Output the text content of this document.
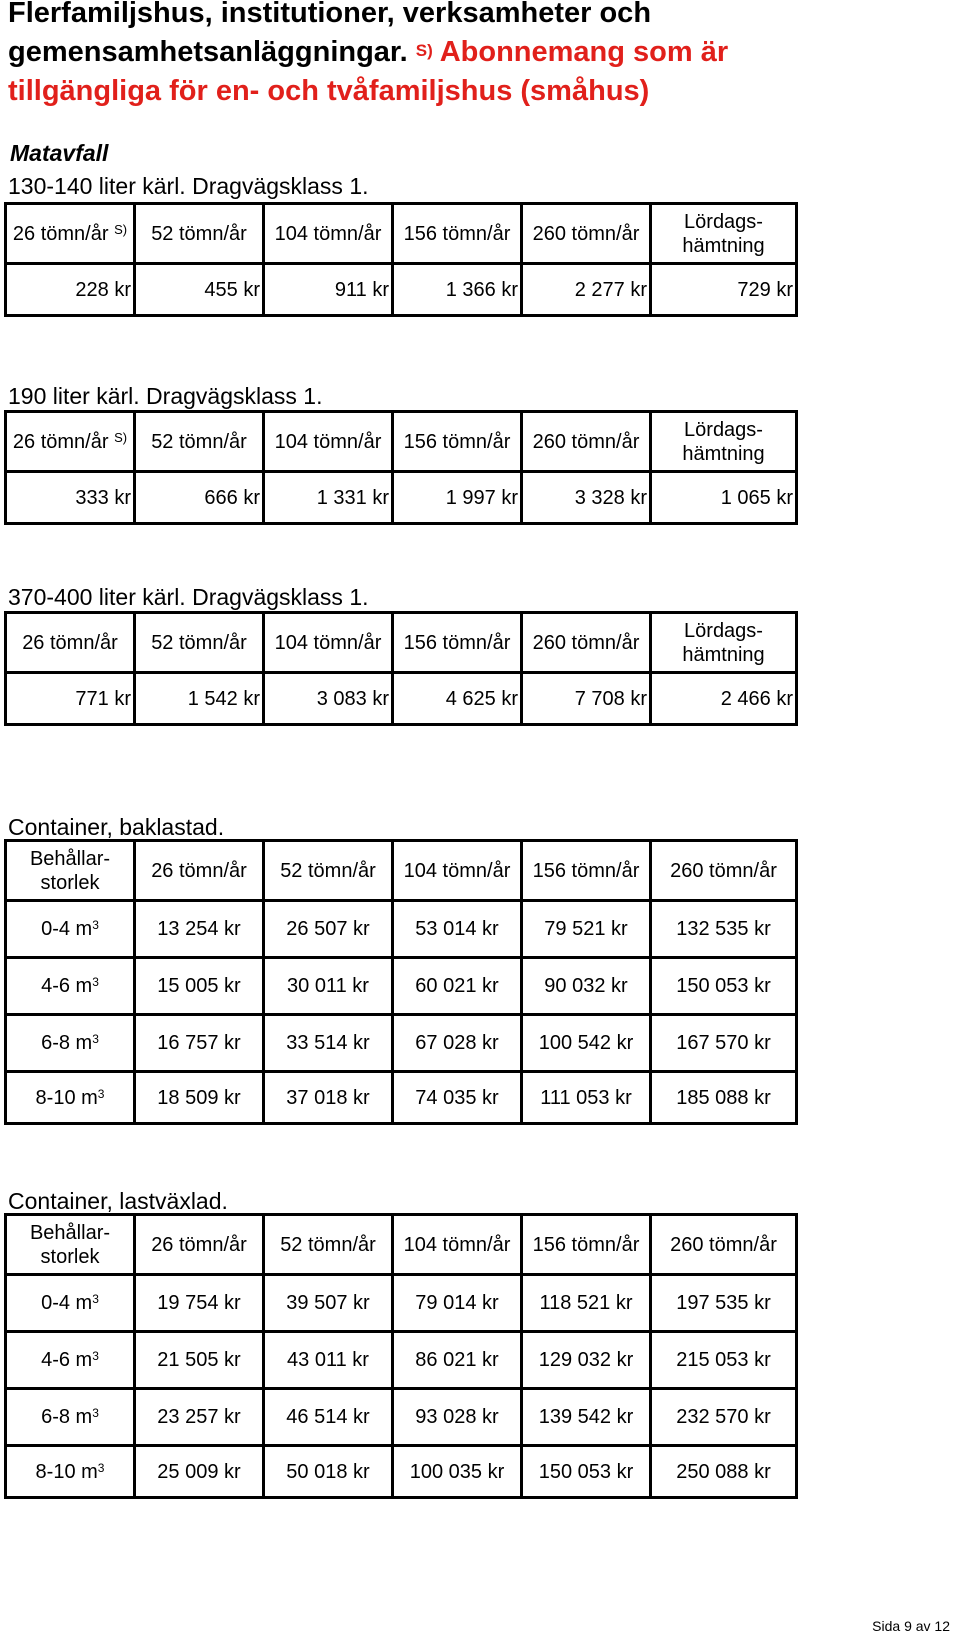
Flerfamiljshus, institutioner, verksamheter och
gemensamhetsanläggningar. $^{S)}$ Abonnemang som är
tillgängliga för en- och tvåfamiljshus (småhus)
Matavfall
130-140 liter kärl. Dragvägsklass 1.
26 tömn/år $^{S)}$	52 tömn/år	104 tömn/år	156 tömn/år	260 tömn/år	Lördags-
hämtning

228 kr	455 kr	911 kr	1 366 kr	2 277 kr	729 kr
190 liter kärl. Dragvägsklass 1.
26 tömn/år $^{S)}$	52 tömn/år	104 tömn/år	156 tömn/år	260 tömn/år	Lördags-
hämtning

333 kr	666 kr	1 331 kr	1 997 kr	3 328 kr	1 065 kr
370-400 liter kärl. Dragvägsklass 1.
26 tömn/år	52 tömn/år	104 tömn/år	156 tömn/år	260 tömn/år	Lördags-
hämtning

771 kr	1 542 kr	3 083 kr	4 625 kr	7 708 kr	2 466 kr
Container, baklastad.
Behållar-
storlek	26 tömn/år	52 tömn/år	104 tömn/år	156 tömn/år	260 tömn/år
0-4 $m^3$	13 254 kr	26 507 kr	53 014 kr	79 521 kr	132 535 kr
4-6 $m^3$	15 005 kr	30 011 kr	60 021 kr	90 032 kr	150 053 kr
6-8 $m^3$	16 757 kr	33 514 kr	67 028 kr	100 542 kr	167 570 kr
8-10 $m^3$	18 509 kr	37 018 kr	74 035 kr	111 053 kr	185 088 kr
Container, lastväxlad.
Behållar-
storlek	26 tömn/år	52 tömn/år	104 tömn/år	156 tömn/år	260 tömn/år
0-4 $m^3$	19 754 kr	39 507 kr	79 014 kr	118 521 kr	197 535 kr
4-6 $m^3$	21 505 kr	43 011 kr	86 021 kr	129 032 kr	215 053 kr
6-8 $m^3$	23 257 kr	46 514 kr	93 028 kr	139 542 kr	232 570 kr
8-10 $m^3$	25 009 kr	50 018 kr	100 035 kr	150 053 kr	250 088 kr
Sida 9 av 12
